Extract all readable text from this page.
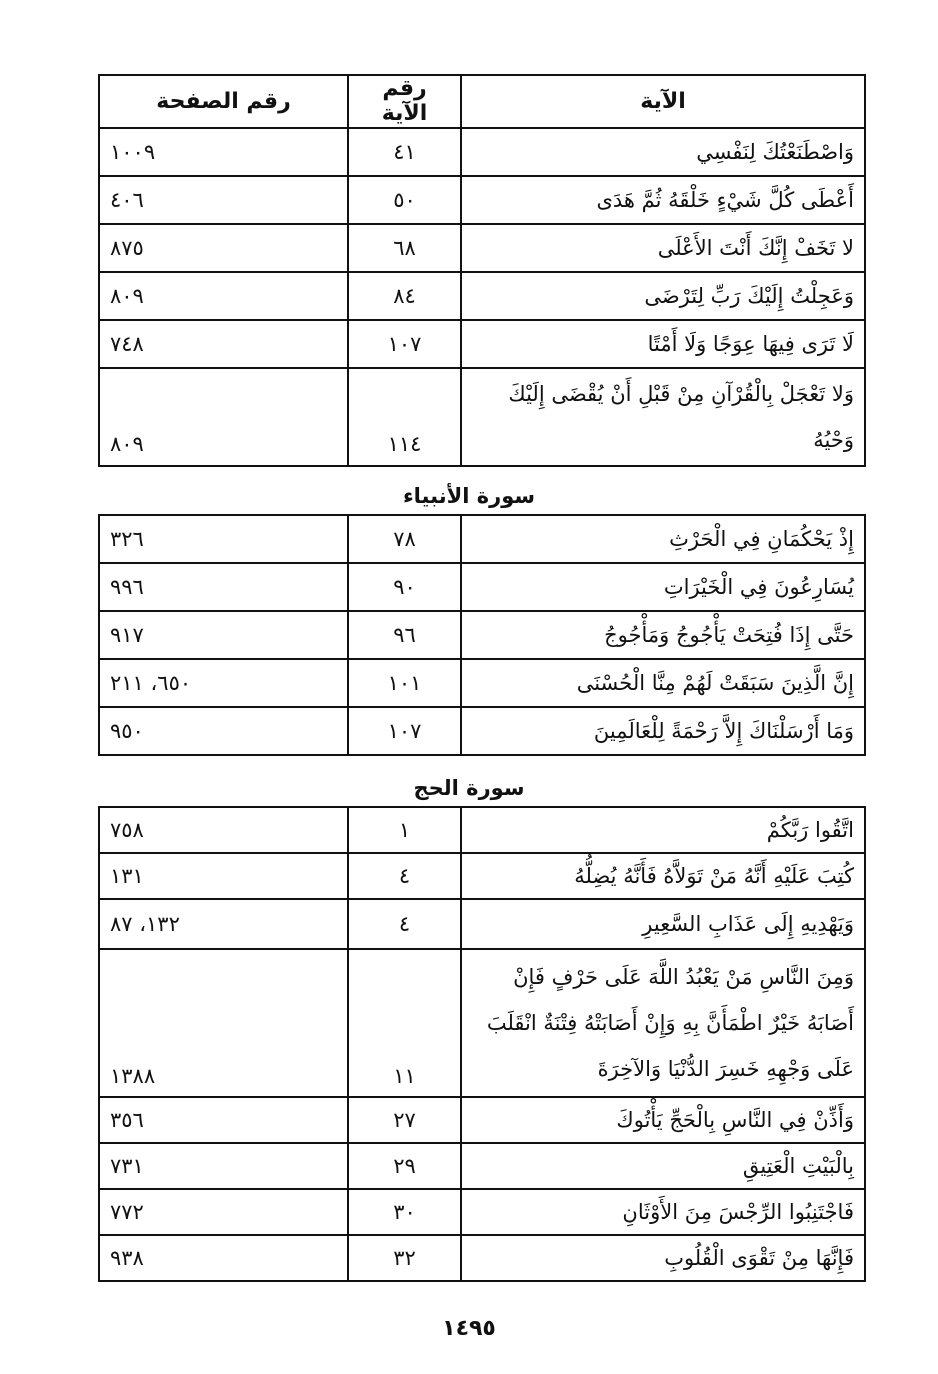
الآية	رقم الآية	رقم الصفحة
وَاصْطَنَعْتُكَ لِنَفْسِي	٤١	١٠٠٩
أَعْطَى كُلَّ شَيْءٍ خَلْقَهُ ثُمَّ هَدَى	٥٠	٤٠٦
لا تَخَفْ إِنَّكَ أَنْتَ الأَعْلَى	٦٨	٨٧٥
وَعَجِلْتُ إِلَيْكَ رَبِّ لِتَرْضَى	٨٤	٨٠٩
لَا تَرَى فِيهَا عِوَجًا وَلَا أَمْتًا	١٠٧	٧٤٨
وَلا تَعْجَلْ بِالْقُرْآنِ مِنْ قَبْلِ أَنْ يُقْضَى إِلَيْكَ وَحْيُهُ	١١٤	٨٠٩
سورة الأنبياء
إِذْ يَحْكُمَانِ فِي الْحَرْثِ	٧٨	٣٢٦
يُسَارِعُونَ فِي الْخَيْرَاتِ	٩٠	٩٩٦
حَتَّى إِذَا فُتِحَتْ يَأْجُوجُ وَمَأْجُوجُ	٩٦	٩١٧
إِنَّ الَّذِينَ سَبَقَتْ لَهُمْ مِنَّا الْحُسْنَى	١٠١	٦٥٠، ٢١١
وَمَا أَرْسَلْنَاكَ إِلاَّ رَحْمَةً لِلْعَالَمِينَ	١٠٧	٩٥٠
سورة الحج
اتَّقُوا رَبَّكُمْ	١	٧٥٨
كُتِبَ عَلَيْهِ أَنَّهُ مَنْ تَوَلاَّهُ فَأَنَّهُ يُضِلُّهُ	٤	١٣١
وَيَهْدِيهِ إِلَى عَذَابِ السَّعِيرِ	٤	١٣٢، ٨٧
وَمِنَ النَّاسِ مَنْ يَعْبُدُ اللَّهَ عَلَى حَرْفٍ فَإِنْ أَصَابَهُ خَيْرٌ اطْمَأَنَّ بِهِ وَإِنْ أَصَابَتْهُ فِتْنَةٌ انْقَلَبَ عَلَى وَجْهِهِ خَسِرَ الدُّنْيَا وَالآخِرَةَ	١١	١٣٨٨
وَأَذِّنْ فِي النَّاسِ بِالْحَجِّ يَأْتُوكَ	٢٧	٣٥٦
بِالْبَيْتِ الْعَتِيقِ	٢٩	٧٣١
فَاجْتَنِبُوا الرِّجْسَ مِنَ الأَوْثَانِ	٣٠	٧٧٢
فَإِنَّهَا مِنْ تَقْوَى الْقُلُوبِ	٣٢	٩٣٨
١٤٩٥
